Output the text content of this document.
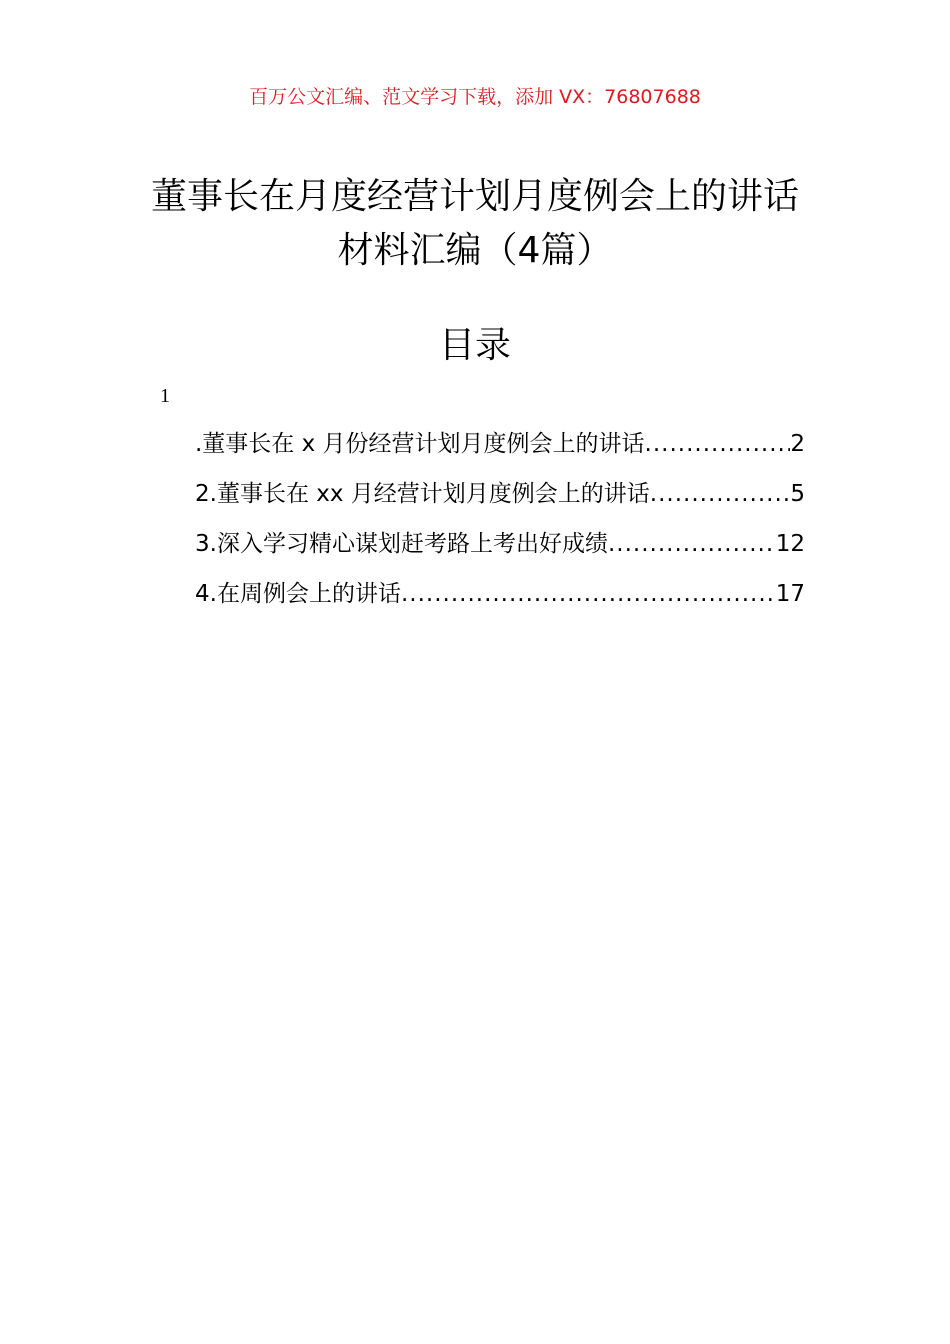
百万公文汇编、范文学习下载，添加 VX：76807688
董事长在月度经营计划月度例会上的讲话
材料汇编（4篇）
目录
1
.董事长在 x 月份经营计划月度例会上的讲话 .....	2
2.董事长在 xx 月经营计划月度例会上的讲话 .....	5
3.深入学习精心谋划赶考路上考出好成绩 .....	12
4.在周例会上的讲话 .....	17
